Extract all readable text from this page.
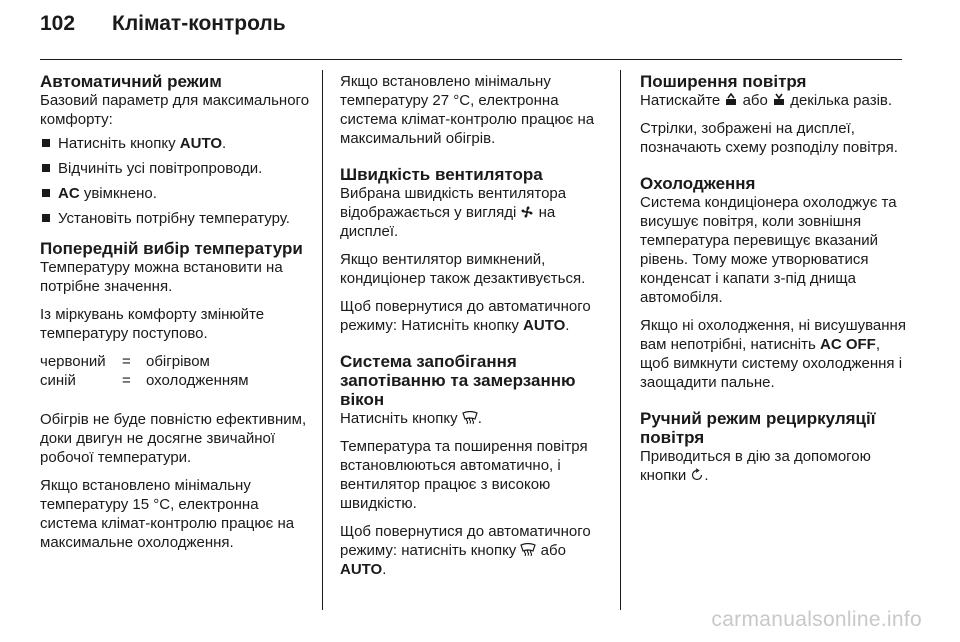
102 Клімат-контроль
Автоматичний режим

Базовий параметр для максимального комфорту:

Натисніть кнопку AUTO.
Відчиніть усі повітропроводи.
AC увімкнено.
Установіть потрібну температуру.
Попередній вибір температури

Температуру можна встановити на потрібне значення.

Із міркувань комфорту змінюйте температуру поступово.

червоний	=	обігрівом
синій	=	охолодженням

Обігрів не буде повністю ефективним, доки двигун не досягне звичайної робочої температури.

Якщо встановлено мінімальну температуру 15 °C, електронна система клімат-контролю працює на максимальне охолодження.

Якщо встановлено мінімальну температуру 27 °C, електронна система клімат-контролю працює на максимальний обігрів.

Швидкість вентилятора

Вибрана швидкість вентилятора відображається у вигляді  на дисплеї.

Якщо вентилятор вимкнений, кондиціонер також дезактивується.

Щоб повернутися до автоматичного режиму: Натисніть кнопку AUTO.

Система запобігання запотіванню та замерзанню вікон

Натисніть кнопку .

Температура та поширення повітря встановлюються автоматично, і вентилятор працює з високою швидкістю.

Щоб повернутися до автоматичного режиму: натисніть кнопку  або AUTO.

Поширення повітря

Натискайте  або  декілька разів.

Стрілки, зображені на дисплеї, позначають схему розподілу повітря.

Охолодження

Система кондиціонера охолоджує та висушує повітря, коли зовнішня температура перевищує вказаний рівень. Тому може утворюватися конденсат і капати з-під днища автомобіля.

Якщо ні охолодження, ні висушування вам непотрібні, натисніть AC OFF, щоб вимкнути систему охолодження і заощадити пальне.

Ручний режим рециркуляції повітря

Приводиться в дію за допомогою кнопки .

carmanualsonline.info
